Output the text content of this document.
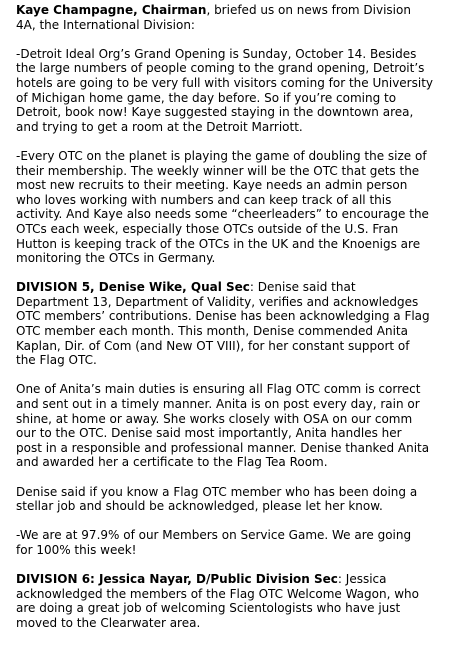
Kaye Champagne, Chairman, briefed us on news from Division
4A, the International Division:

-Detroit Ideal Org’s Grand Opening is Sunday, October 14. Besides
the large numbers of people coming to the grand opening, Detroit’s
hotels are going to be very full with visitors coming for the University
of Michigan home game, the day before. So if you’re coming to
Detroit, book now! Kaye suggested staying in the downtown area,
and trying to get a room at the Detroit Marriott.

-Every OTC on the planet is playing the game of doubling the size of
their membership. The weekly winner will be the OTC that gets the
most new recruits to their meeting. Kaye needs an admin person
who loves working with numbers and can keep track of all this
activity. And Kaye also needs some “cheerleaders” to encourage the
OTCs each week, especially those OTCs outside of the U.S. Fran
Hutton is keeping track of the OTCs in the UK and the Knoenigs are
monitoring the OTCs in Germany.

DIVISION 5, Denise Wike, Qual Sec: Denise said that
Department 13, Department of Validity, verifies and acknowledges
OTC members’ contributions. Denise has been acknowledging a Flag
OTC member each month. This month, Denise commended Anita
Kaplan, Dir. of Com (and New OT VIII), for her constant support of
the Flag OTC.

One of Anita’s main duties is ensuring all Flag OTC comm is correct
and sent out in a timely manner. Anita is on post every day, rain or
shine, at home or away. She works closely with OSA on our comm
our to the OTC. Denise said most importantly, Anita handles her
post in a responsible and professional manner. Denise thanked Anita
and awarded her a certificate to the Flag Tea Room.

Denise said if you know a Flag OTC member who has been doing a
stellar job and should be acknowledged, please let her know.

-We are at 97.9% of our Members on Service Game. We are going
for 100% this week!

DIVISION 6: Jessica Nayar, D/Public Division Sec: Jessica
acknowledged the members of the Flag OTC Welcome Wagon, who
are doing a great job of welcoming Scientologists who have just
moved to the Clearwater area.
